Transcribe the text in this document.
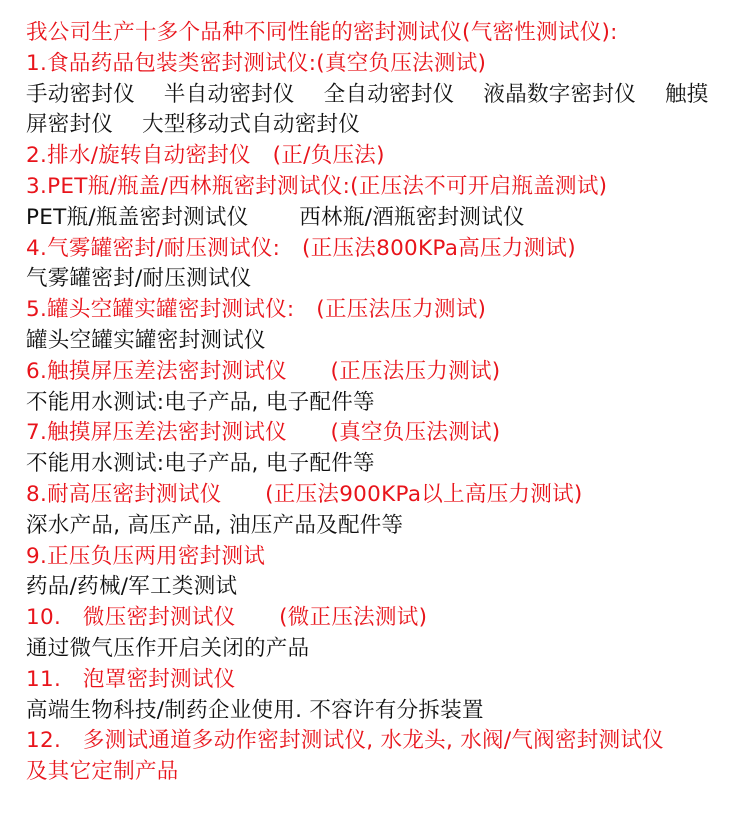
我公司生产十多个品种不同性能的密封测试仪(气密性测试仪):
1.食品药品包装类密封测试仪:(真空负压法测试)
手动密封仪　 半自动密封仪　 全自动密封仪　 液晶数字密封仪　 触摸
屏密封仪　 大型移动式自动密封仪
2.排水/旋转自动密封仪　(正/负压法)
3.PET瓶/瓶盖/西林瓶密封测试仪:(正压法不可开启瓶盖测试)
PET瓶/瓶盖密封测试仪　　 西林瓶/酒瓶密封测试仪
4.气雾罐密封/耐压测试仪:　(正压法800KPa高压力测试)
气雾罐密封/耐压测试仪
5.罐头空罐实罐密封测试仪:　(正压法压力测试)
罐头空罐实罐密封测试仪
6.触摸屏压差法密封测试仪　　(正压法压力测试)
不能用水测试:电子产品, 电子配件等
7.触摸屏压差法密封测试仪　　(真空负压法测试)
不能用水测试:电子产品, 电子配件等
8.耐高压密封测试仪　　(正压法900KPa以上高压力测试)
深水产品, 高压产品, 油压产品及配件等
9.正压负压两用密封测试
药品/药械/军工类测试
10.　微压密封测试仪　　(微正压法测试)
通过微气压作开启关闭的产品
11.　泡罩密封测试仪
高端生物科技/制药企业使用. 不容许有分拆装置
12.　多测试通道多动作密封测试仪, 水龙头, 水阀/气阀密封测试仪
及其它定制产品
